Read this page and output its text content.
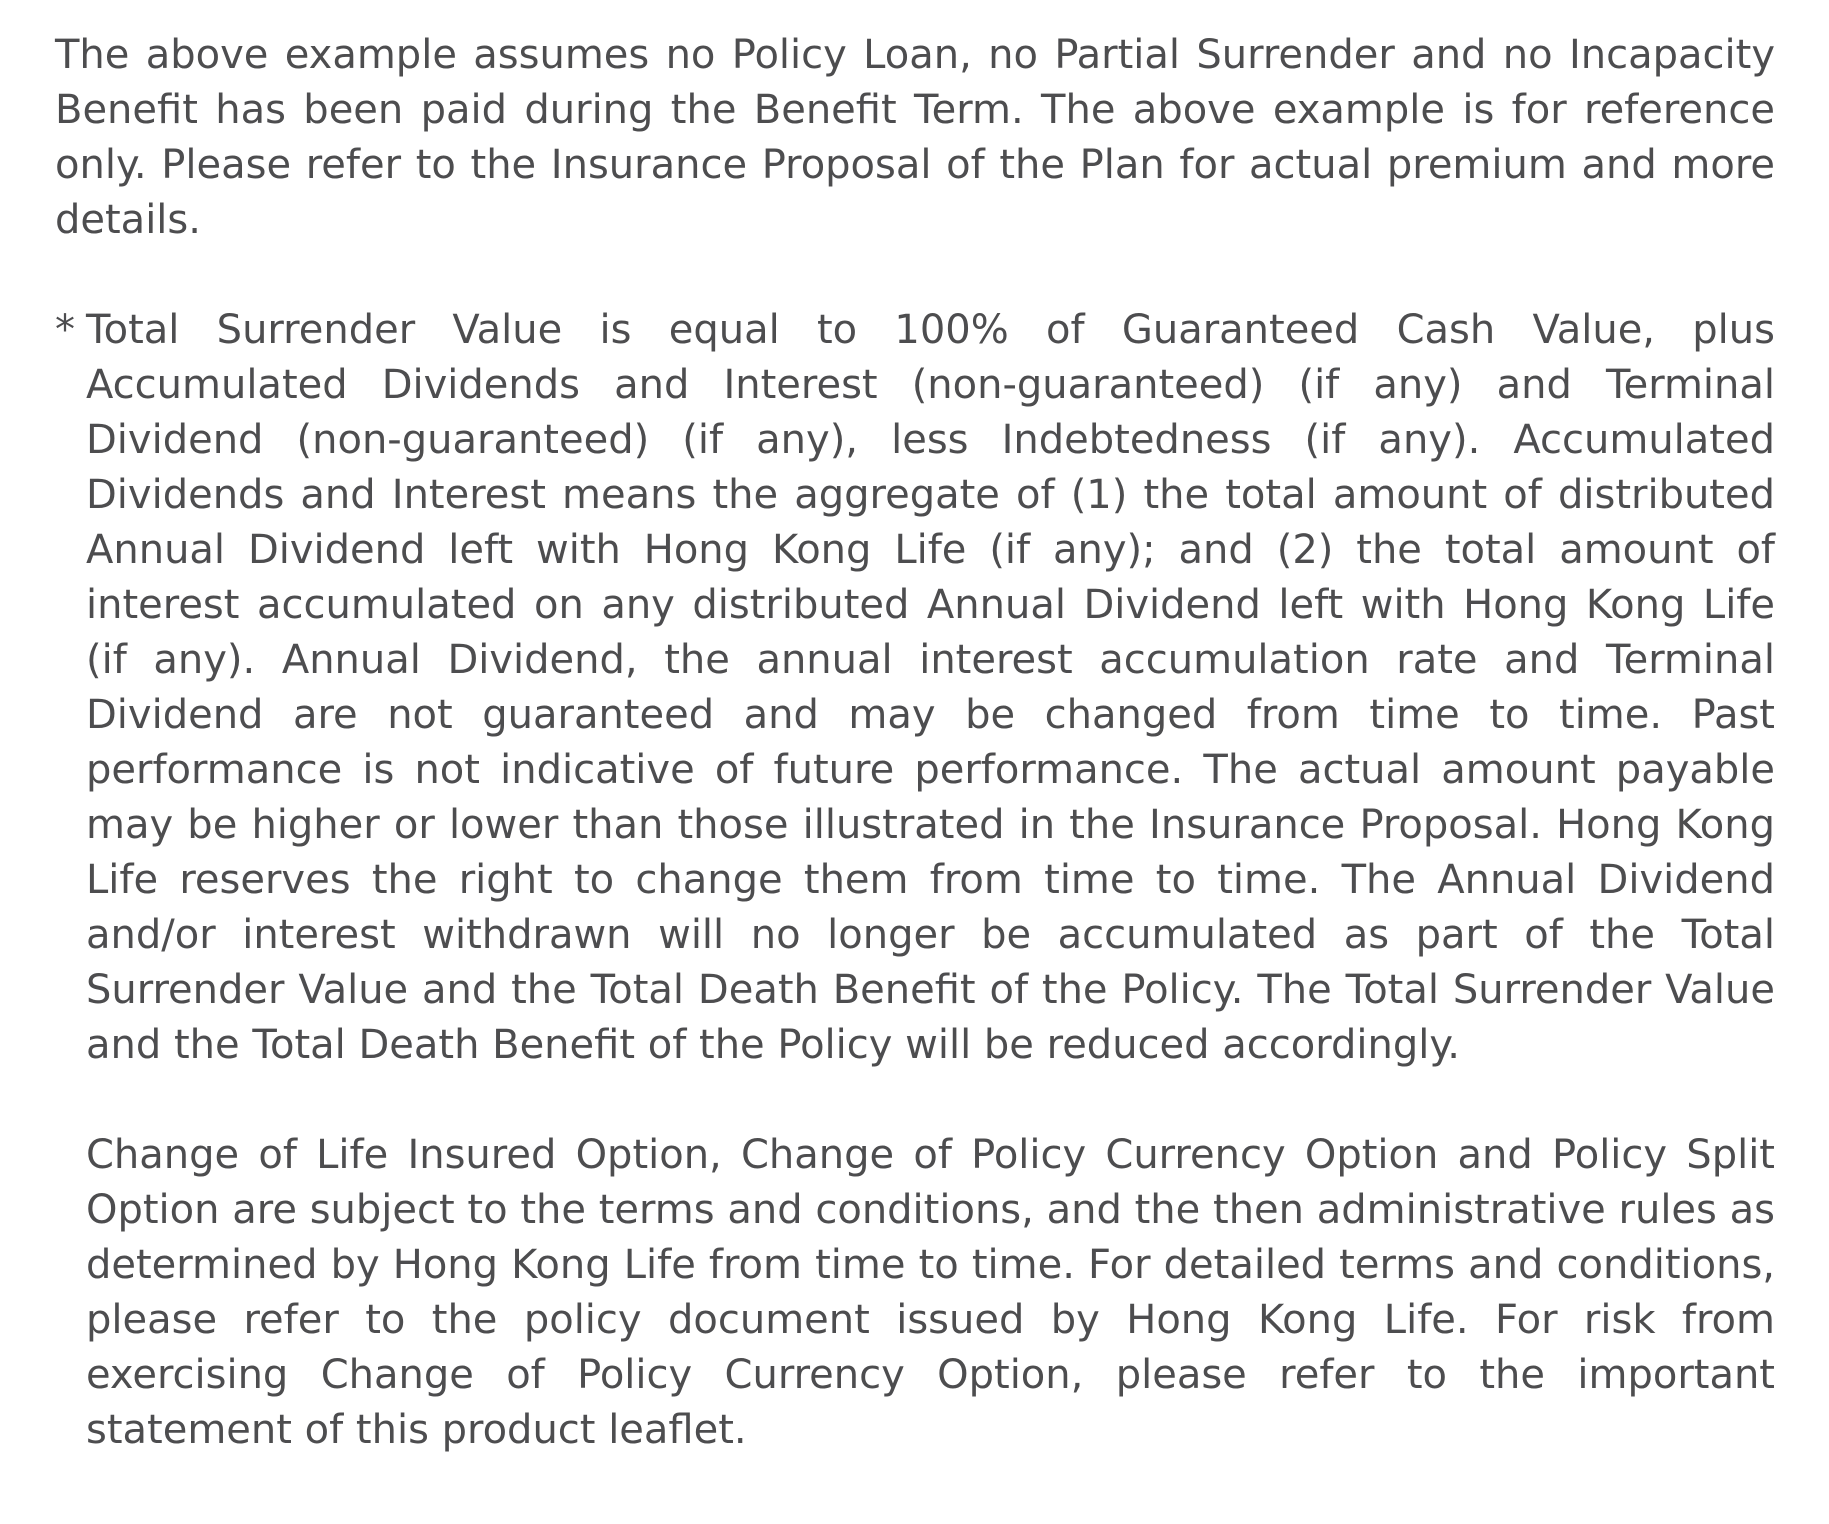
The above example assumes no Policy Loan, no Partial Surrender and no Incapacity Benefit has been paid during the Benefit Term. The above example is for reference only. Please refer to the Insurance Proposal of the Plan for actual premium and more details.

* Total Surrender Value is equal to 100% of Guaranteed Cash Value, plus Accumulated Dividends and Interest (non-guaranteed) (if any) and Terminal Dividend (non-guaranteed) (if any), less Indebtedness (if any). Accumulated Dividends and Interest means the aggregate of (1) the total amount of distributed Annual Dividend left with Hong Kong Life (if any); and (2) the total amount of interest accumulated on any distributed Annual Dividend left with Hong Kong Life (if any). Annual Dividend, the annual interest accumulation rate and Terminal Dividend are not guaranteed and may be changed from time to time. Past performance is not indicative of future performance. The actual amount payable may be higher or lower than those illustrated in the Insurance Proposal. Hong Kong Life reserves the right to change them from time to time. The Annual Dividend and/or interest withdrawn will no longer be accumulated as part of the Total Surrender Value and the Total Death Benefit of the Policy. The Total Surrender Value and the Total Death Benefit of the Policy will be reduced accordingly.

Change of Life Insured Option, Change of Policy Currency Option and Policy Split Option are subject to the terms and conditions, and the then administrative rules as determined by Hong Kong Life from time to time. For detailed terms and conditions, please refer to the policy document issued by Hong Kong Life. For risk from exercising Change of Policy Currency Option, please refer to the important statement of this product leaflet.
